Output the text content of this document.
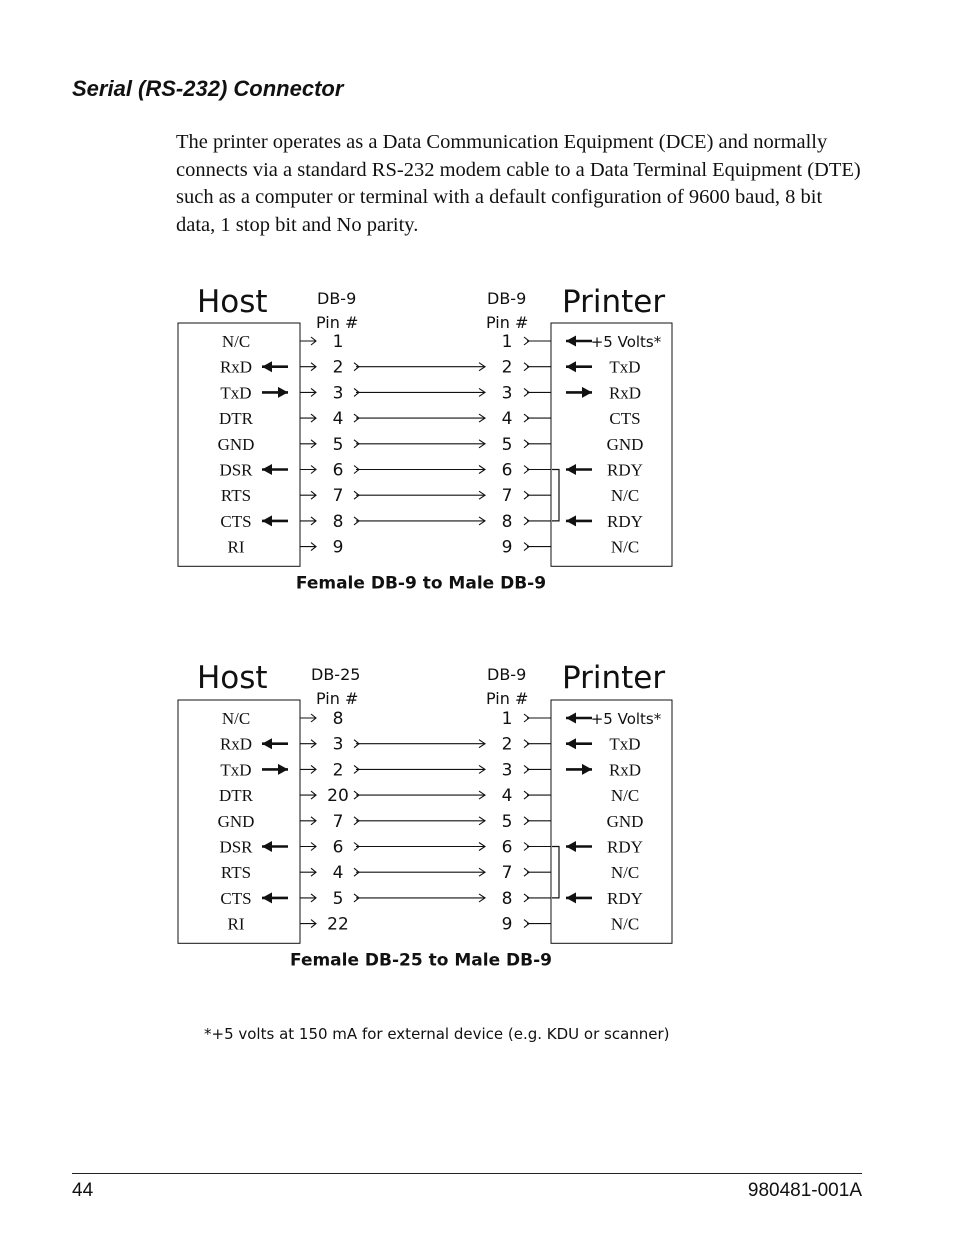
Serial (RS-232) Connector
The printer operates as a Data Communication Equipment (DCE) and normally connects via a standard RS-232 modem cable to a Data Terminal Equipment (DTE) such as a computer or terminal with a default configuration of 9600 baud, 8 bit data, 1 stop bit and No parity.
Host	Printer
DB-9
Pin #
DB-9
Pin #
N/C	1	1	+5 Volts*
RxD	2	2	TxD
TxD	3	3	RxD
DTR	4	4	CTS
GND	5	5	GND
DSR	6	6	RDY
RTS	7	7	N/C
CTS	8	8	RDY
RI	9	9	N/C
Female DB-9 to Male DB-9
Host	Printer
DB-25
Pin #
DB-9
Pin #
N/C	8	1	+5 Volts*
RxD	3	2	TxD
TxD	2	3	RxD
DTR	20	4	N/C
GND	7	5	GND
DSR	6	6	RDY
RTS	4	7	N/C
CTS	5	8	RDY
RI	22	9	N/C
Female DB-25 to Male DB-9
*+5 volts at 150 mA for external device (e.g. KDU or scanner)
44	980481-001A
